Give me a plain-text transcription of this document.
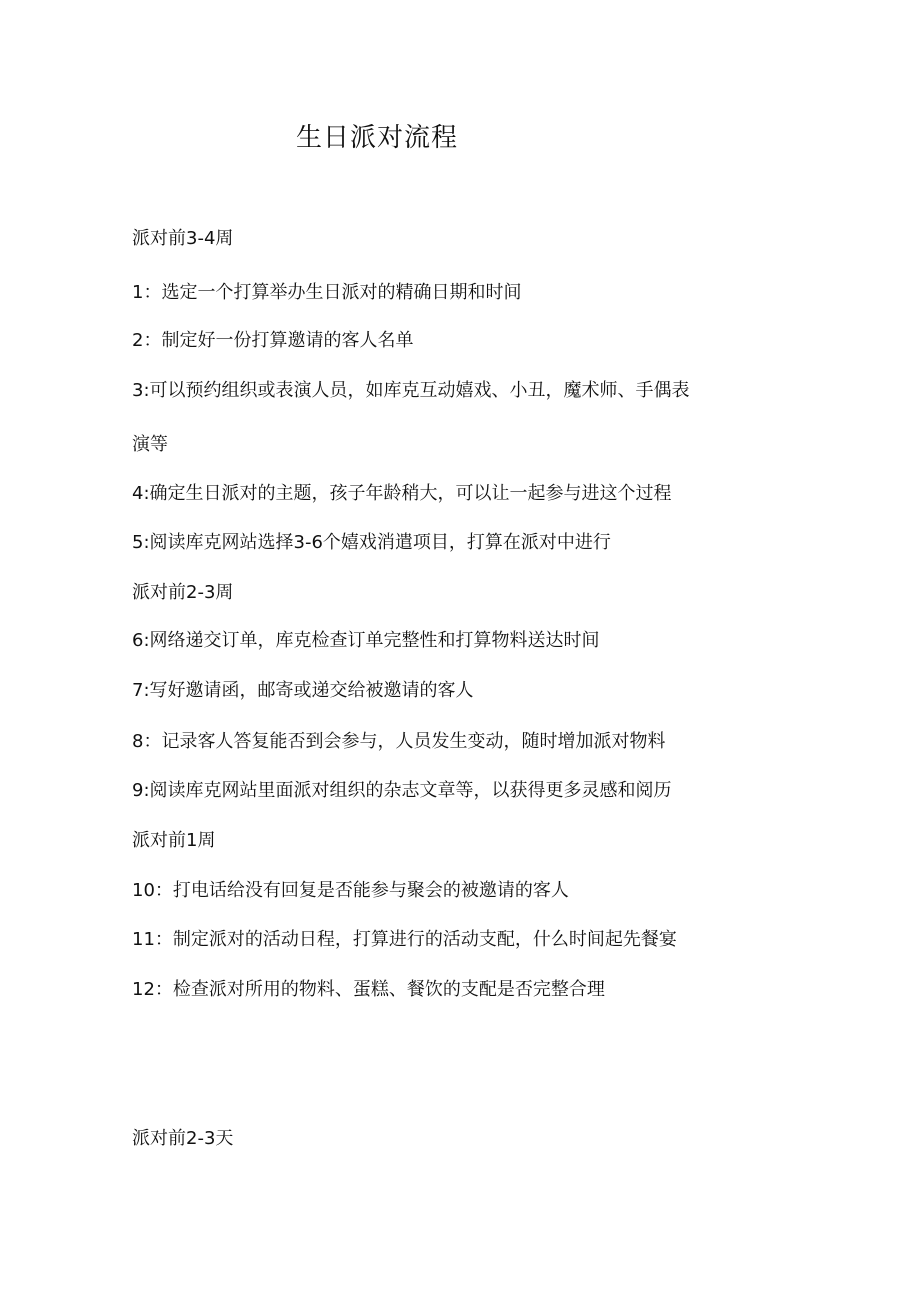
生日派对流程
派对前3-4周
1：选定一个打算举办生日派对的精确日期和时间
2：制定好一份打算邀请的客人名单
3:可以预约组织或表演人员，如库克互动嬉戏、小丑，魔术师、手偶表
演等
4:确定生日派对的主题，孩子年龄稍大，可以让一起参与进这个过程
5:阅读库克网站选择3-6个嬉戏消遣项目，打算在派对中进行
派对前2-3周
6:网络递交订单，库克检查订单完整性和打算物料送达时间
7:写好邀请函，邮寄或递交给被邀请的客人
8：记录客人答复能否到会参与，人员发生变动，随时增加派对物料
9:阅读库克网站里面派对组织的杂志文章等，以获得更多灵感和阅历
派对前1周
10：打电话给没有回复是否能参与聚会的被邀请的客人
11：制定派对的活动日程，打算进行的活动支配，什么时间起先餐宴
12：检查派对所用的物料、蛋糕、餐饮的支配是否完整合理
派对前2-3天
